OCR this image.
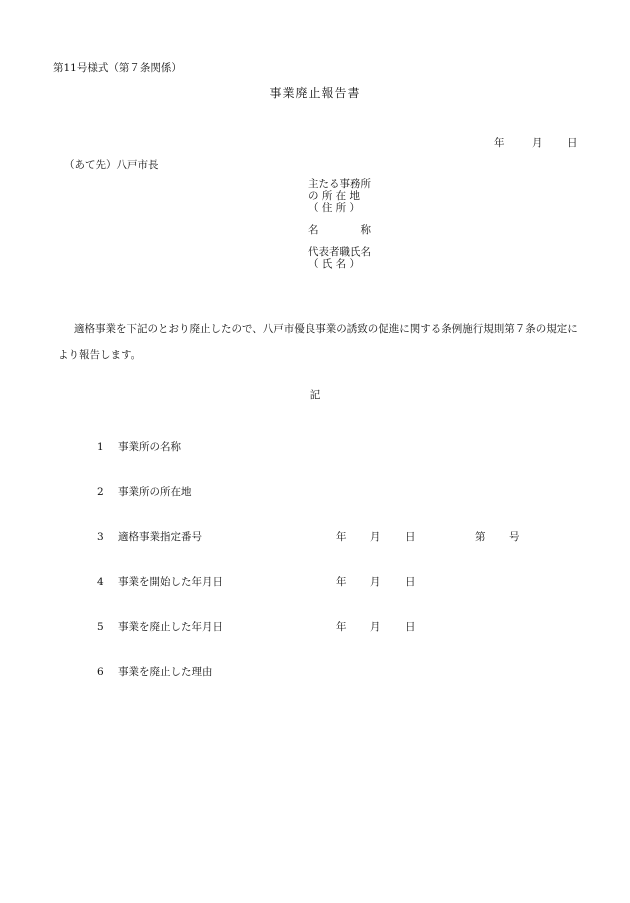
第11号様式（第７条関係）
事業廃止報告書
年	月 日
（あて先）八戸市長
主たる事務所
の 所 在 地
（ 住 所 ）
名　　　　称
代表者職氏名
（ 氏 名 ）
適格事業を下記のとおり廃止したので、八戸市優良事業の誘致の促進に関する条例施行規則第７条の規定により報告します。
記
1 事業所の名称
2 事業所の所在地
3 適格事業指定番号	年 月 日	第 号
4 事業を開始した年月日	年 月 日
5 事業を廃止した年月日	年 月 日
6 事業を廃止した理由
